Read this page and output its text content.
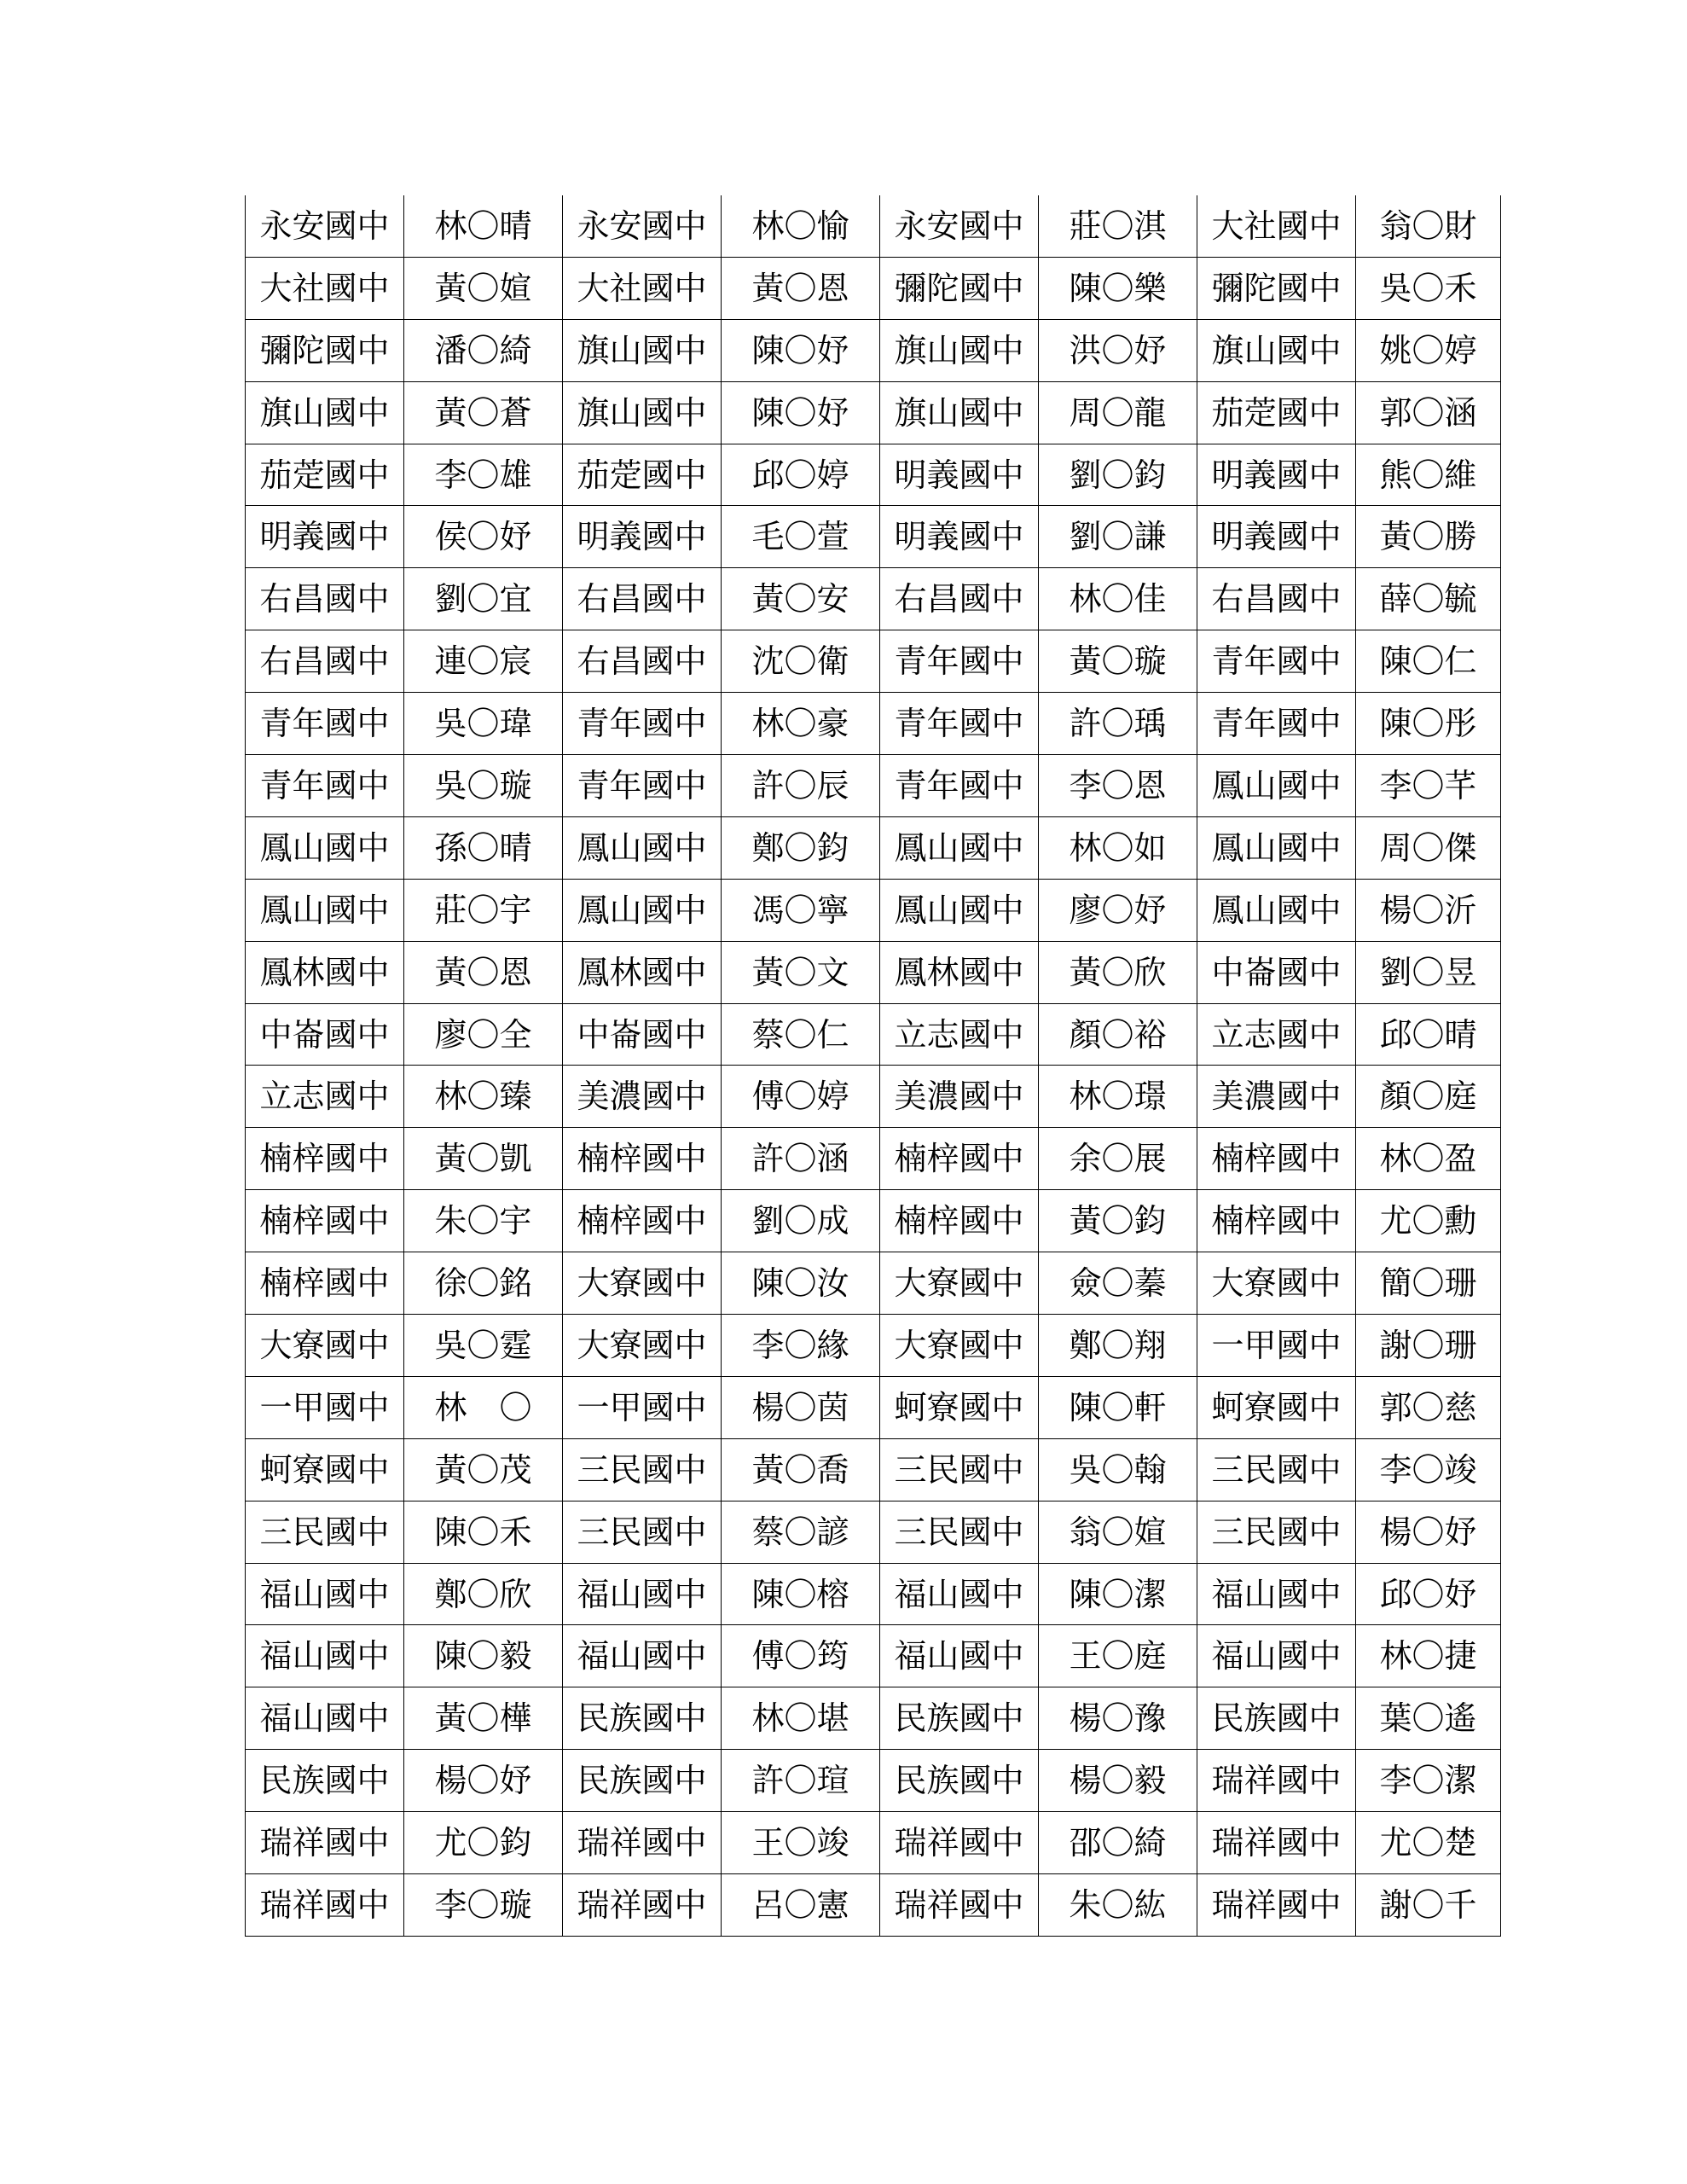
永安國中	林〇晴	永安國中	林〇愉	永安國中	莊〇淇	大社國中	翁〇財
大社國中	黃〇媗	大社國中	黃〇恩	彌陀國中	陳〇樂	彌陀國中	吳〇禾
彌陀國中	潘〇綺	旗山國中	陳〇妤	旗山國中	洪〇妤	旗山國中	姚〇婷
旗山國中	黃〇蒼	旗山國中	陳〇妤	旗山國中	周〇龍	茄萣國中	郭〇涵
茄萣國中	李〇雄	茄萣國中	邱〇婷	明義國中	劉〇鈞	明義國中	熊〇維
明義國中	侯〇妤	明義國中	毛〇萱	明義國中	劉〇謙	明義國中	黃〇勝
右昌國中	劉〇宜	右昌國中	黃〇安	右昌國中	林〇佳	右昌國中	薛〇毓
右昌國中	連〇宸	右昌國中	沈〇衛	青年國中	黃〇璇	青年國中	陳〇仁
青年國中	吳〇瑋	青年國中	林〇豪	青年國中	許〇瑀	青年國中	陳〇彤
青年國中	吳〇璇	青年國中	許〇辰	青年國中	李〇恩	鳳山國中	李〇芊
鳳山國中	孫〇晴	鳳山國中	鄭〇鈞	鳳山國中	林〇如	鳳山國中	周〇傑
鳳山國中	莊〇宇	鳳山國中	馮〇寧	鳳山國中	廖〇妤	鳳山國中	楊〇沂
鳳林國中	黃〇恩	鳳林國中	黃〇文	鳳林國中	黃〇欣	中崙國中	劉〇昱
中崙國中	廖〇全	中崙國中	蔡〇仁	立志國中	顏〇裕	立志國中	邱〇晴
立志國中	林〇臻	美濃國中	傅〇婷	美濃國中	林〇璟	美濃國中	顏〇庭
楠梓國中	黃〇凱	楠梓國中	許〇涵	楠梓國中	余〇展	楠梓國中	林〇盈
楠梓國中	朱〇宇	楠梓國中	劉〇成	楠梓國中	黃〇鈞	楠梓國中	尤〇勳
楠梓國中	徐〇銘	大寮國中	陳〇汝	大寮國中	僉〇蓁	大寮國中	簡〇珊
大寮國中	吳〇霆	大寮國中	李〇緣	大寮國中	鄭〇翔	一甲國中	謝〇珊
一甲國中	林　〇	一甲國中	楊〇茵	蚵寮國中	陳〇軒	蚵寮國中	郭〇慈
蚵寮國中	黃〇茂	三民國中	黃〇喬	三民國中	吳〇翰	三民國中	李〇竣
三民國中	陳〇禾	三民國中	蔡〇諺	三民國中	翁〇媗	三民國中	楊〇妤
福山國中	鄭〇欣	福山國中	陳〇榕	福山國中	陳〇潔	福山國中	邱〇妤
福山國中	陳〇毅	福山國中	傅〇筠	福山國中	王〇庭	福山國中	林〇捷
福山國中	黃〇樺	民族國中	林〇堪	民族國中	楊〇豫	民族國中	葉〇遙
民族國中	楊〇妤	民族國中	許〇瑄	民族國中	楊〇毅	瑞祥國中	李〇潔
瑞祥國中	尤〇鈞	瑞祥國中	王〇竣	瑞祥國中	邵〇綺	瑞祥國中	尤〇楚
瑞祥國中	李〇璇	瑞祥國中	呂〇憲	瑞祥國中	朱〇紘	瑞祥國中	謝〇千
